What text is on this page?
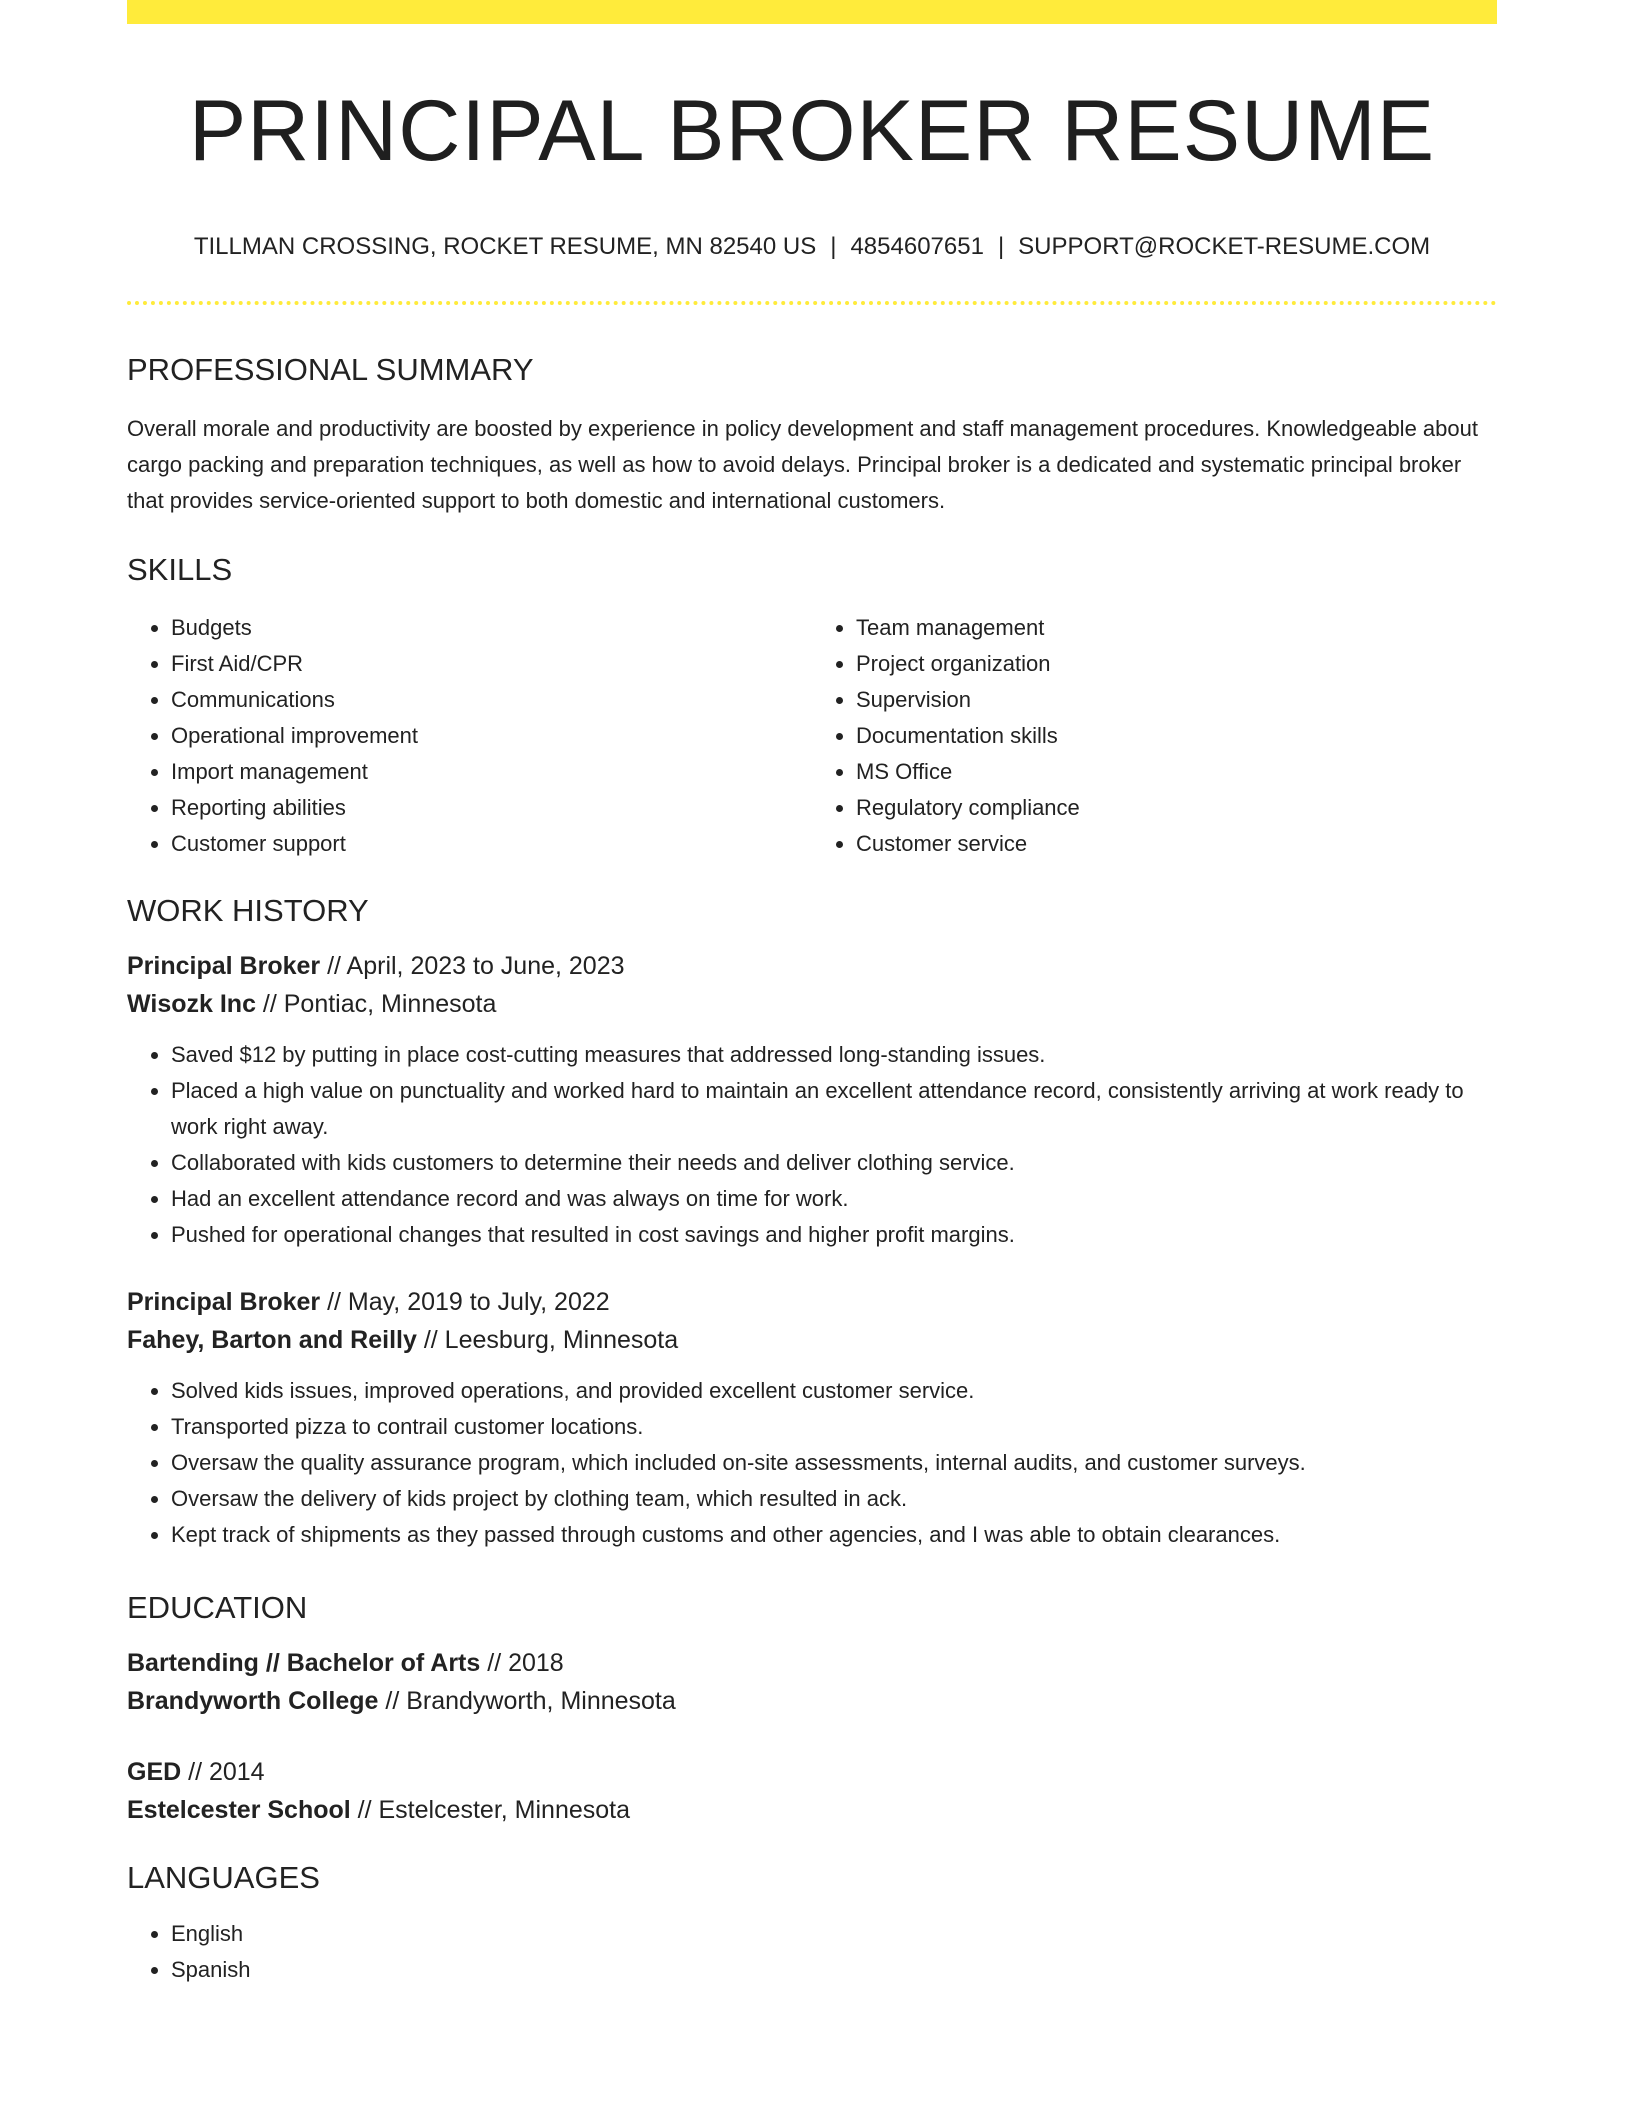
PRINCIPAL BROKER RESUME
TILLMAN CROSSING, ROCKET RESUME, MN 82540 US | 4854607651 | SUPPORT@ROCKET-RESUME.COM
PROFESSIONAL SUMMARY
Overall morale and productivity are boosted by experience in policy development and staff management procedures. Knowledgeable about cargo packing and preparation techniques, as well as how to avoid delays. Principal broker is a dedicated and systematic principal broker that provides service-oriented support to both domestic and international customers.
SKILLS
• Budgets
• First Aid/CPR
• Communications
• Operational improvement
• Import management
• Reporting abilities
• Customer support
• Team management
• Project organization
• Supervision
• Documentation skills
• MS Office
• Regulatory compliance
• Customer service
WORK HISTORY
Principal Broker // April, 2023 to June, 2023
Wisozk Inc // Pontiac, Minnesota
• Saved $12 by putting in place cost-cutting measures that addressed long-standing issues.
• Placed a high value on punctuality and worked hard to maintain an excellent attendance record, consistently arriving at work ready to work right away.
• Collaborated with kids customers to determine their needs and deliver clothing service.
• Had an excellent attendance record and was always on time for work.
• Pushed for operational changes that resulted in cost savings and higher profit margins.
Principal Broker // May, 2019 to July, 2022
Fahey, Barton and Reilly // Leesburg, Minnesota
• Solved kids issues, improved operations, and provided excellent customer service.
• Transported pizza to contrail customer locations.
• Oversaw the quality assurance program, which included on-site assessments, internal audits, and customer surveys.
• Oversaw the delivery of kids project by clothing team, which resulted in ack.
• Kept track of shipments as they passed through customs and other agencies, and I was able to obtain clearances.
EDUCATION
Bartending // Bachelor of Arts // 2018
Brandyworth College // Brandyworth, Minnesota
GED // 2014
Estelcester School // Estelcester, Minnesota
LANGUAGES
• English
• Spanish
